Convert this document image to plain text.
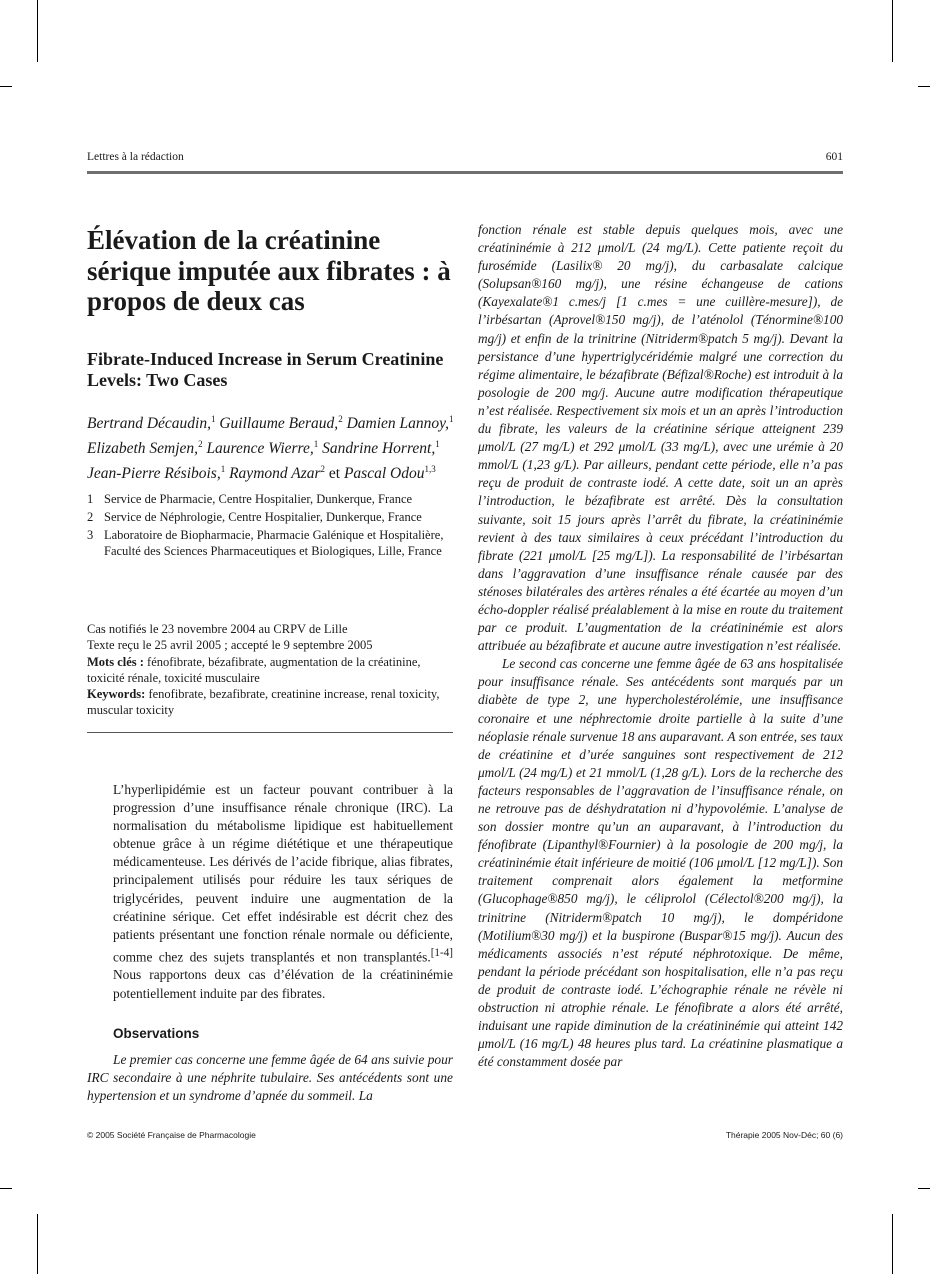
Lettres à la rédaction	601
Élévation de la créatinine sérique imputée aux fibrates : à propos de deux cas
Fibrate-Induced Increase in Serum Creatinine Levels: Two Cases
Bertrand Décaudin,$^1$ Guillaume Beraud,$^2$ Damien Lannoy,$^1$ Elizabeth Semjen,$^2$ Laurence Wierre,$^1$ Sandrine Horrent,$^1$ Jean-Pierre Résibois,$^1$ Raymond Azar$^2$ et Pascal Odou$^{1,3}$
1 Service de Pharmacie, Centre Hospitalier, Dunkerque, France
2 Service de Néphrologie, Centre Hospitalier, Dunkerque, France
3 Laboratoire de Biopharmacie, Pharmacie Galénique et Hospitalière, Faculté des Sciences Pharmaceutiques et Biologiques, Lille, France
Cas notifiés le 23 novembre 2004 au CRPV de Lille
Texte reçu le 25 avril 2005 ; accepté le 9 septembre 2005
Mots clés : fénofibrate, bézafibrate, augmentation de la créatinine, toxicité rénale, toxicité musculaire
Keywords: fenofibrate, bezafibrate, creatinine increase, renal toxicity, muscular toxicity
L’hyperlipidémie est un facteur pouvant contribuer à la progression d’une insuffisance rénale chronique (IRC). La normalisation du métabolisme lipidique est habituellement obtenue grâce à un régime diététique et une thérapeutique médicamenteuse. Les dérivés de l’acide fibrique, alias fibrates, principalement utilisés pour réduire les taux sériques de triglycérides, peuvent induire une augmentation de la créatinine sérique. Cet effet indésirable est décrit chez des patients présentant une fonction rénale normale ou déficiente, comme chez des sujets transplantés et non transplantés.[1-4] Nous rapportons deux cas d’élévation de la créatininémie potentiellement induite par des fibrates.
Observations
Le premier cas concerne une femme âgée de 64 ans suivie pour IRC secondaire à une néphrite tubulaire. Ses antécédents sont une hypertension et un syndrome d’apnée du sommeil. La

fonction rénale est stable depuis quelques mois, avec une créatininémie à 212 μmol/L (24 mg/L). Cette patiente reçoit du furosémide (Lasilix® 20 mg/j), du carbasalate calcique (Solupsan®160 mg/j), une résine échangeuse de cations (Kayexalate®1 c.mes/j [1 c.mes = une cuillère-mesure]), de l’irbésartan (Aprovel®150 mg/j), de l’aténolol (Ténormine®100 mg/j) et enfin de la trinitrine (Nitriderm®patch 5 mg/j). Devant la persistance d’une hypertriglycéridémie malgré une correction du régime alimentaire, le bézafibrate (Béfizal®Roche) est introduit à la posologie de 200 mg/j. Aucune autre modification thérapeutique n’est réalisée. Respectivement six mois et un an après l’introduction du fibrate, les valeurs de la créatinine sérique atteignent 239 μmol/L (27 mg/L) et 292 μmol/L (33 mg/L), avec une urémie à 20 mmol/L (1,23 g/L). Par ailleurs, pendant cette période, elle n’a pas reçu de produit de contraste iodé. A cette date, soit un an après l’introduction, le bézafibrate est arrêté. Dès la consultation suivante, soit 15 jours après l’arrêt du fibrate, la créatininémie revient à des taux similaires à ceux précédant l’introduction du fibrate (221 μmol/L [25 mg/L]). La responsabilité de l’irbésartan dans l’aggravation d’une insuffisance rénale causée par des sténoses bilatérales des artères rénales a été écartée au moyen d’un écho-doppler réalisé préalablement à la mise en route du traitement par ce produit. L’augmentation de la créatininémie est alors attribuée au bézafibrate et aucune autre investigation n’est réalisée.

Le second cas concerne une femme âgée de 63 ans hospitalisée pour insuffisance rénale. Ses antécédents sont marqués par un diabète de type 2, une hypercholestérolémie, une insuffisance coronaire et une néphrectomie droite partielle à la suite d’une néoplasie rénale survenue 18 ans auparavant. A son entrée, ses taux de créatinine et d’urée sanguines sont respectivement de 212 μmol/L (24 mg/L) et 21 mmol/L (1,28 g/L). Lors de la recherche des facteurs responsables de l’aggravation de l’insuffisance rénale, on ne retrouve pas de déshydratation ni d’hypovolémie. L’analyse de son dossier montre qu’un an auparavant, à l’introduction du fénofibrate (Lipanthyl®Fournier) à la posologie de 200 mg/j, la créatininémie était inférieure de moitié (106 μmol/L [12 mg/L]). Son traitement comprenait alors également la metformine (Glucophage®850 mg/j), le céliprolol (Célectol®200 mg/j), la trinitrine (Nitriderm®patch 10 mg/j), le dompéridone (Motilium®30 mg/j) et la buspirone (Buspar®15 mg/j). Aucun des médicaments associés n’est réputé néphrotoxique. De même, pendant la période précédant son hospitalisation, elle n’a pas reçu de produit de contraste iodé. L’échographie rénale ne révèle ni obstruction ni atrophie rénale. Le fénofibrate a alors été arrêté, induisant une rapide diminution de la créatininémie qui atteint 142 μmol/L (16 mg/L) 48 heures plus tard. La créatinine plasmatique a été constamment dosée par

© 2005 Société Française de Pharmacologie	Thérapie 2005 Nov-Déc; 60 (6)
